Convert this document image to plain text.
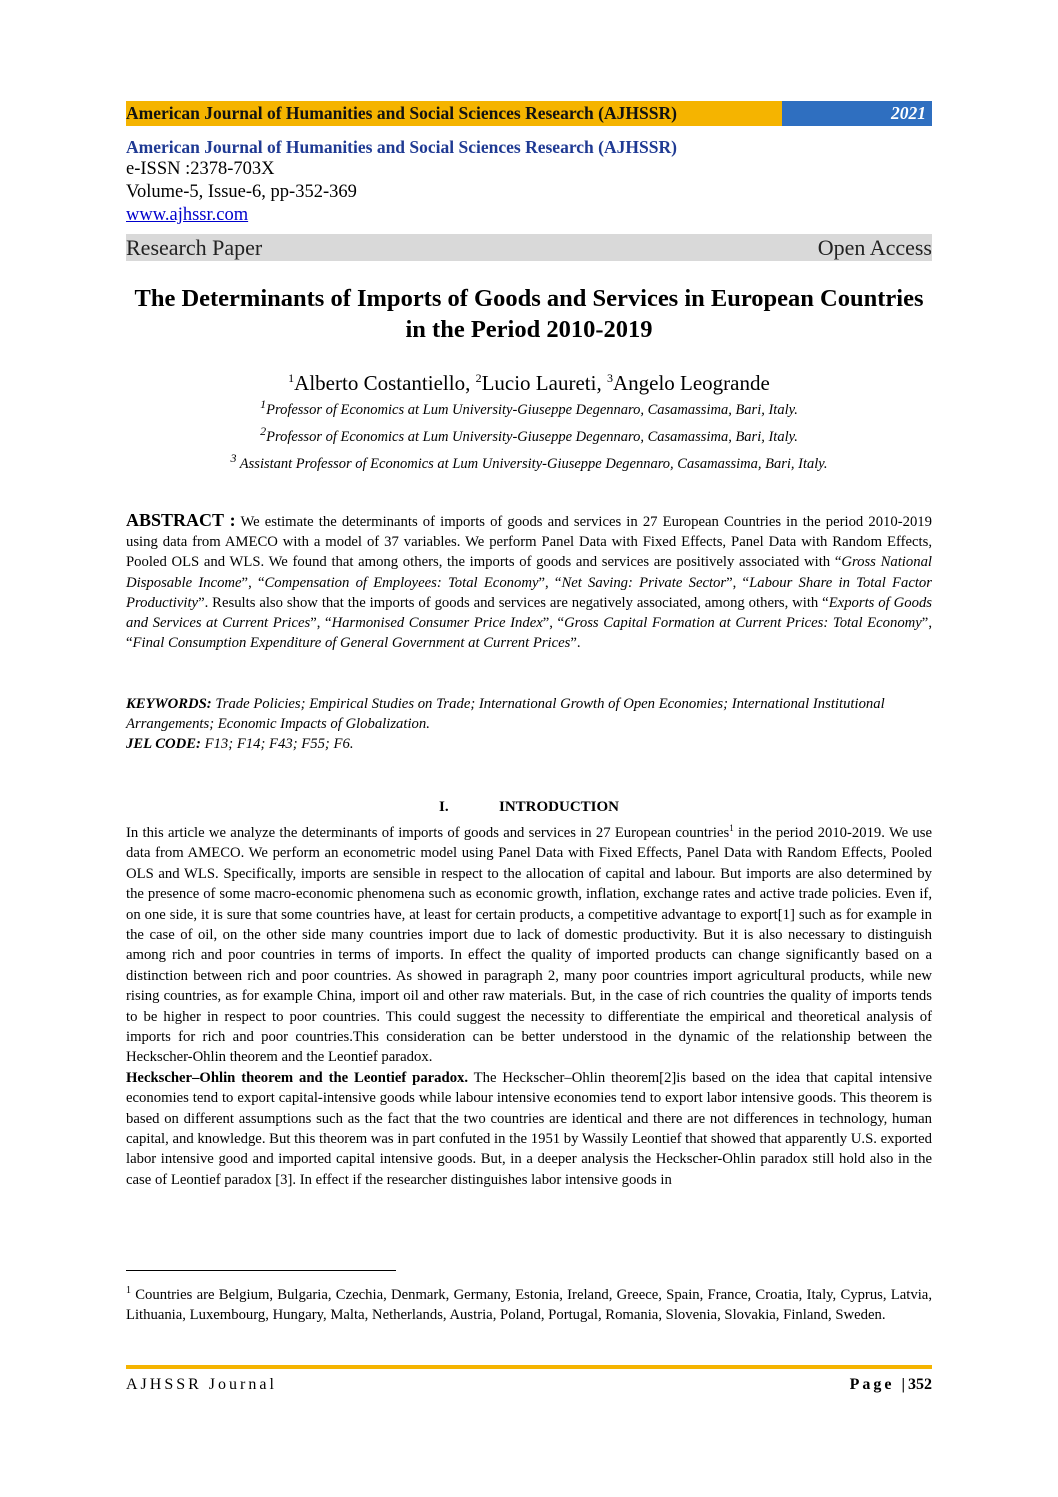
American Journal of Humanities and Social Sciences Research (AJHSSR)	2021
American Journal of Humanities and Social Sciences Research (AJHSSR)
e-ISSN :2378-703X
Volume-5, Issue-6, pp-352-369
www.ajhssr.com
Research Paper	Open Access
The Determinants of Imports of Goods and Services in European Countries in the Period 2010-2019
$^1$Alberto Costantiello, $^2$Lucio Laureti, $^3$Angelo Leogrande
$^1$Professor of Economics at Lum University-Giuseppe Degennaro, Casamassima, Bari, Italy.
$^2$Professor of Economics at Lum University-Giuseppe Degennaro, Casamassima, Bari, Italy.
$^3$ Assistant Professor of Economics at Lum University-Giuseppe Degennaro, Casamassima, Bari, Italy.
ABSTRACT : We estimate the determinants of imports of goods and services in 27 European Countries in the period 2010-2019 using data from AMECO with a model of 37 variables. We perform Panel Data with Fixed Effects, Panel Data with Random Effects, Pooled OLS and WLS. We found that among others, the imports of goods and services are positively associated with “Gross National Disposable Income”, “Compensation of Employees: Total Economy”, “Net Saving: Private Sector”, “Labour Share in Total Factor Productivity”. Results also show that the imports of goods and services are negatively associated, among others, with “Exports of Goods and Services at Current Prices”, “Harmonised Consumer Price Index”, “Gross Capital Formation at Current Prices: Total Economy”, “Final Consumption Expenditure of General Government at Current Prices”.
KEYWORDS: Trade Policies; Empirical Studies on Trade; International Growth of Open Economies; International Institutional Arrangements; Economic Impacts of Globalization.
JEL CODE: F13; F14; F43; F55; F6.
I.	INTRODUCTION

In this article we analyze the determinants of imports of goods and services in 27 European countries$^1$ in the period 2010-2019. We use data from AMECO. We perform an econometric model using Panel Data with Fixed Effects, Panel Data with Random Effects, Pooled OLS and WLS. Specifically, imports are sensible in respect to the allocation of capital and labour. But imports are also determined by the presence of some macro-economic phenomena such as economic growth, inflation, exchange rates and active trade policies. Even if, on one side, it is sure that some countries have, at least for certain products, a competitive advantage to export[1] such as for example in the case of oil, on the other side many countries import due to lack of domestic productivity. But it is also necessary to distinguish among rich and poor countries in terms of imports. In effect the quality of imported products can change significantly based on a distinction between rich and poor countries. As showed in paragraph 2, many poor countries import agricultural products, while new rising countries, as for example China, import oil and other raw materials. But, in the case of rich countries the quality of imports tends to be higher in respect to poor countries. This could suggest the necessity to differentiate the empirical and theoretical analysis of imports for rich and poor countries.This consideration can be better understood in the dynamic of the relationship between the Heckscher-Ohlin theorem and the Leontief paradox.

Heckscher–Ohlin theorem and the Leontief paradox. The Heckscher–Ohlin theorem[2]is based on the idea that capital intensive economies tend to export capital-intensive goods while labour intensive economies tend to export labor intensive goods. This theorem is based on different assumptions such as the fact that the two countries are identical and there are not differences in technology, human capital, and knowledge. But this theorem was in part confuted in the 1951 by Wassily Leontief that showed that apparently U.S. exported labor intensive good and imported capital intensive goods. But, in a deeper analysis the Heckscher-Ohlin paradox still hold also in the case of Leontief paradox [3]. In effect if the researcher distinguishes labor intensive goods in

$^1$ Countries are Belgium, Bulgaria, Czechia, Denmark, Germany, Estonia, Ireland, Greece, Spain, France, Croatia, Italy, Cyprus, Latvia, Lithuania, Luxembourg, Hungary, Malta, Netherlands, Austria, Poland, Portugal, Romania, Slovenia, Slovakia, Finland, Sweden.
AJHSSR Journal	Page |352
